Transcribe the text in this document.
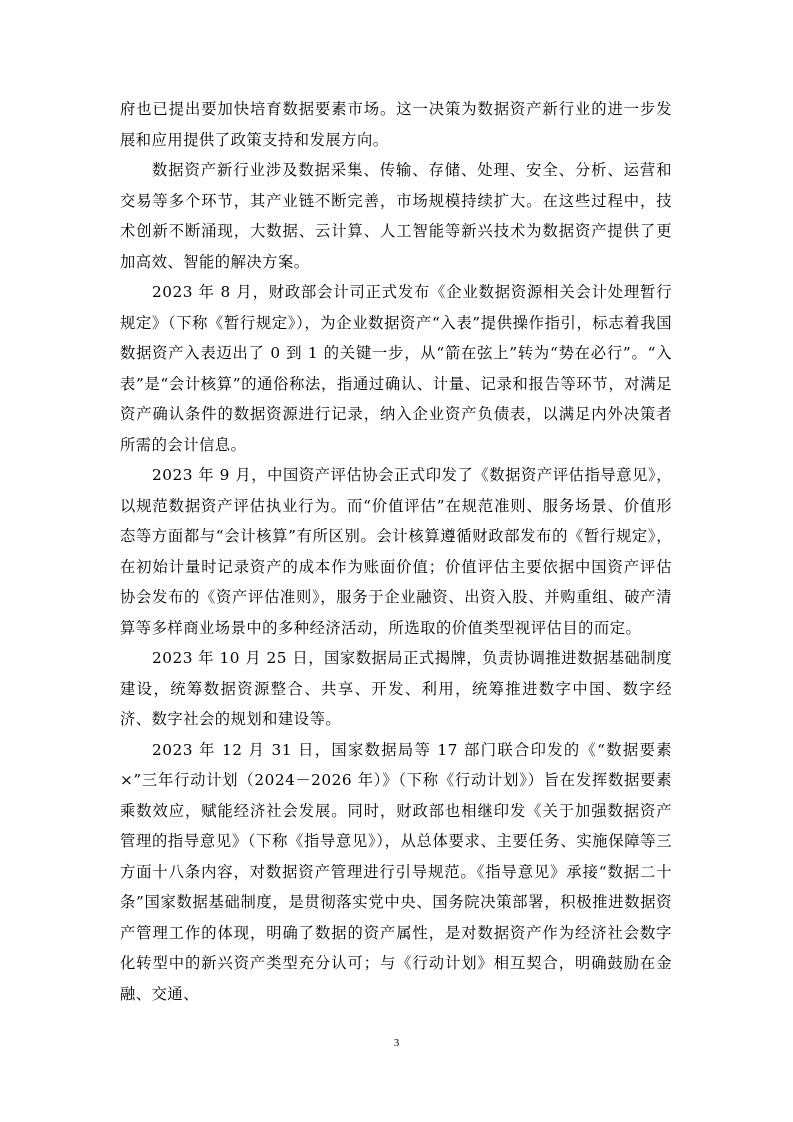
府也已提出要加快培育数据要素市场。这一决策为数据资产新行业的进一步发展和应用提供了政策支持和发展方向。

数据资产新行业涉及数据采集、传输、存储、处理、安全、分析、运营和交易等多个环节，其产业链不断完善，市场规模持续扩大。在这些过程中，技术创新不断涌现，大数据、云计算、人工智能等新兴技术为数据资产提供了更加高效、智能的解决方案。

2023 年 8 月，财政部会计司正式发布《企业数据资源相关会计处理暂行规定》（下称《暂行规定》），为企业数据资产“入表”提供操作指引，标志着我国数据资产入表迈出了 0 到 1 的关键一步，从“箭在弦上”转为“势在必行”。“入表”是“会计核算”的通俗称法，指通过确认、计量、记录和报告等环节，对满足资产确认条件的数据资源进行记录，纳入企业资产负债表，以满足内外决策者所需的会计信息。

2023 年 9 月，中国资产评估协会正式印发了《数据资产评估指导意见》，以规范数据资产评估执业行为。而“价值评估”在规范准则、服务场景、价值形态等方面都与“会计核算”有所区别。会计核算遵循财政部发布的《暂行规定》，在初始计量时记录资产的成本作为账面价值；价值评估主要依据中国资产评估协会发布的《资产评估准则》，服务于企业融资、出资入股、并购重组、破产清算等多样商业场景中的多种经济活动，所选取的价值类型视评估目的而定。

2023 年 10 月 25 日，国家数据局正式揭牌，负责协调推进数据基础制度建设，统筹数据资源整合、共享、开发、利用，统筹推进数字中国、数字经济、数字社会的规划和建设等。

2023 年 12 月 31 日，国家数据局等 17 部门联合印发的《“数据要素×”三年行动计划（2024－2026 年）》（下称《行动计划》）旨在发挥数据要素乘数效应，赋能经济社会发展。同时，财政部也相继印发《关于加强数据资产管理的指导意见》（下称《指导意见》），从总体要求、主要任务、实施保障等三方面十八条内容，对数据资产管理进行引导规范。《指导意见》承接“数据二十条”国家数据基础制度，是贯彻落实党中央、国务院决策部署，积极推进数据资产管理工作的体现，明确了数据的资产属性，是对数据资产作为经济社会数字化转型中的新兴资产类型充分认可；与《行动计划》相互契合，明确鼓励在金融、交通、

3
